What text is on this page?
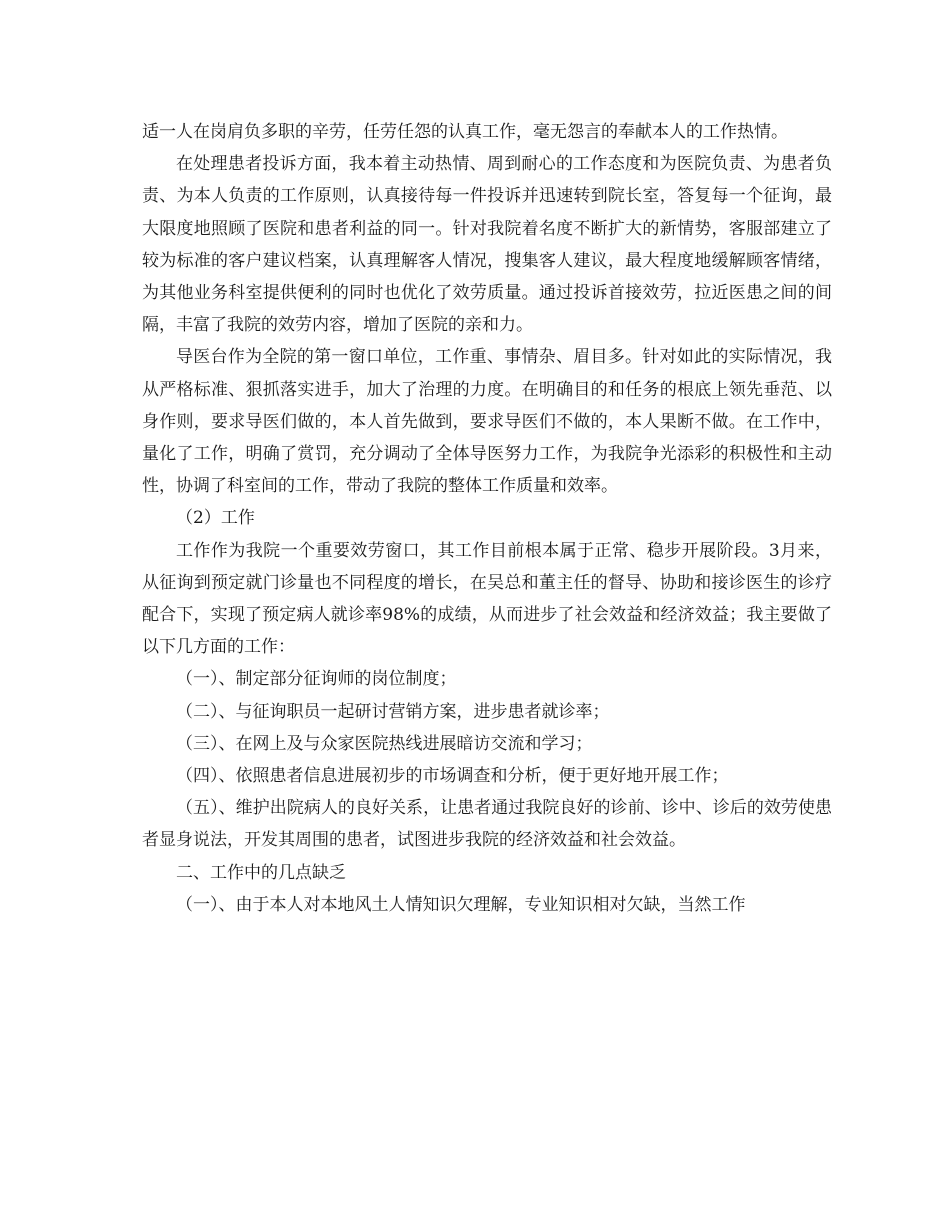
适一人在岗肩负多职的辛劳，任劳任怨的认真工作，毫无怨言的奉献本人的工作热情。

在处理患者投诉方面，我本着主动热情、周到耐心的工作态度和为医院负责、为患者负责、为本人负责的工作原则，认真接待每一件投诉并迅速转到院长室，答复每一个征询，最大限度地照顾了医院和患者利益的同一。针对我院着名度不断扩大的新情势，客服部建立了较为标准的客户建议档案，认真理解客人情况，搜集客人建议，最大程度地缓解顾客情绪，为其他业务科室提供便利的同时也优化了效劳质量。通过投诉首接效劳，拉近医患之间的间隔，丰富了我院的效劳内容，增加了医院的亲和力。

导医台作为全院的第一窗口单位，工作重、事情杂、眉目多。针对如此的实际情况，我从严格标准、狠抓落实进手，加大了治理的力度。在明确目的和任务的根底上领先垂范、以身作则，要求导医们做的，本人首先做到，要求导医们不做的，本人果断不做。在工作中，量化了工作，明确了赏罚，充分调动了全体导医努力工作，为我院争光添彩的积极性和主动性，协调了科室间的工作，带动了我院的整体工作质量和效率。

（2）工作

工作作为我院一个重要效劳窗口，其工作目前根本属于正常、稳步开展阶段。3月来，从征询到预定就门诊量也不同程度的增长，在吴总和董主任的督导、协助和接诊医生的诊疗配合下，实现了预定病人就诊率98%的成绩，从而进步了社会效益和经济效益；我主要做了以下几方面的工作：

（一）、制定部分征询师的岗位制度；

（二）、与征询职员一起研讨营销方案，进步患者就诊率；

（三）、在网上及与众家医院热线进展暗访交流和学习；

（四）、依照患者信息进展初步的市场调查和分析，便于更好地开展工作；

（五）、维护出院病人的良好关系，让患者通过我院良好的诊前、诊中、诊后的效劳使患者显身说法，开发其周围的患者，试图进步我院的经济效益和社会效益。

二、工作中的几点缺乏

（一）、由于本人对本地风土人情知识欠理解，专业知识相对欠缺，当然工作
